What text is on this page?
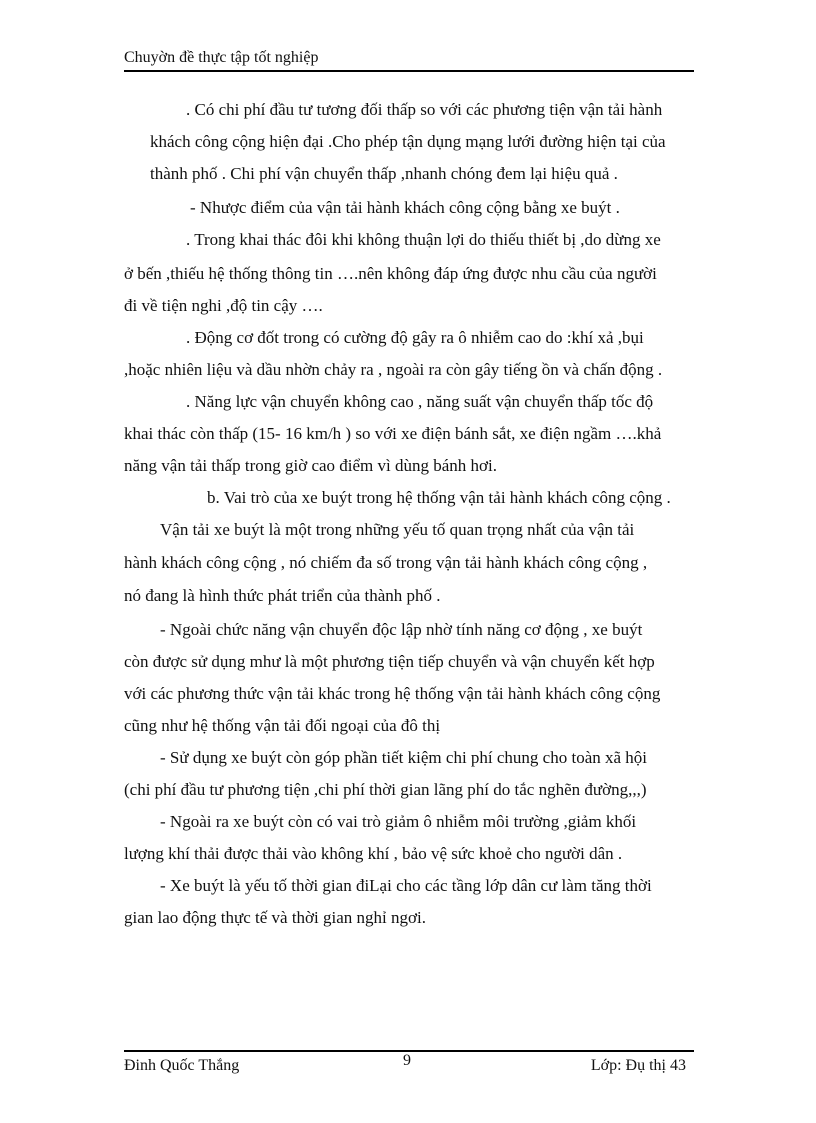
Chuyờn đề thực tập tốt nghiệp
. Có chi phí đầu tư tương đối thấp so với các phương tiện vận tải hành
khách công cộng hiện đại .Cho phép tận dụng mạng lưới đường hiện tại của
thành phố . Chi phí vận chuyển thấp ,nhanh chóng đem lại hiệu quả .
- Nhược điểm của vận tải hành khách công cộng bằng xe buýt .
. Trong khai thác đôi khi không thuận lợi do thiếu thiết bị ,do dừng xe
ở bến ,thiếu hệ thống thông tin ….nên không đáp ứng được nhu cầu của người
đi về tiện nghi ,độ tin cậy ….
. Động cơ đốt trong có cường độ gây ra ô nhiễm cao do :khí xả ,bụi
,hoặc nhiên liệu và dầu nhờn chảy ra , ngoài ra còn gây tiếng ồn và chấn động .
. Năng lực vận chuyển không cao , năng suất vận chuyển thấp tốc độ
khai thác còn thấp (15- 16 km/h ) so với xe điện bánh sắt, xe điện ngầm ….khả
năng vận tải thấp trong giờ cao điểm vì dùng bánh hơi.
b. Vai trò của xe buýt trong hệ thống vận tải hành khách công cộng .
Vận tải xe buýt là một trong những yếu tố quan trọng nhất của vận tải
hành khách công cộng , nó chiếm đa số trong vận tải hành khách công cộng ,
nó đang là hình thức phát triển của thành phố .
- Ngoài chức năng vận chuyển độc lập nhờ tính năng cơ động , xe buýt
còn được sử dụng mhư là một phương tiện tiếp chuyển và vận chuyển kết hợp
với các phương thức vận tải khác trong hệ thống vận tải hành khách công cộng
cũng như hệ thống vận tải đối ngoại của đô thị
- Sử dụng xe buýt còn góp phần tiết kiệm chi phí chung cho toàn xã hội
(chi phí đầu tư phương tiện ,chi phí thời gian lãng phí do tắc nghẽn đường,,,)
- Ngoài ra xe buýt còn có vai trò giảm ô nhiễm môi trường ,giảm khối
lượng khí thải được thải vào không khí , bảo vệ sức khoẻ cho người dân .
- Xe buýt là yếu tố thời gian điLại cho các tầng lớp dân cư làm tăng thời
gian lao động thực tế và thời gian nghỉ ngơi.
Đinh Quốc Thắng	9	Lớp: Đụ thị 43
